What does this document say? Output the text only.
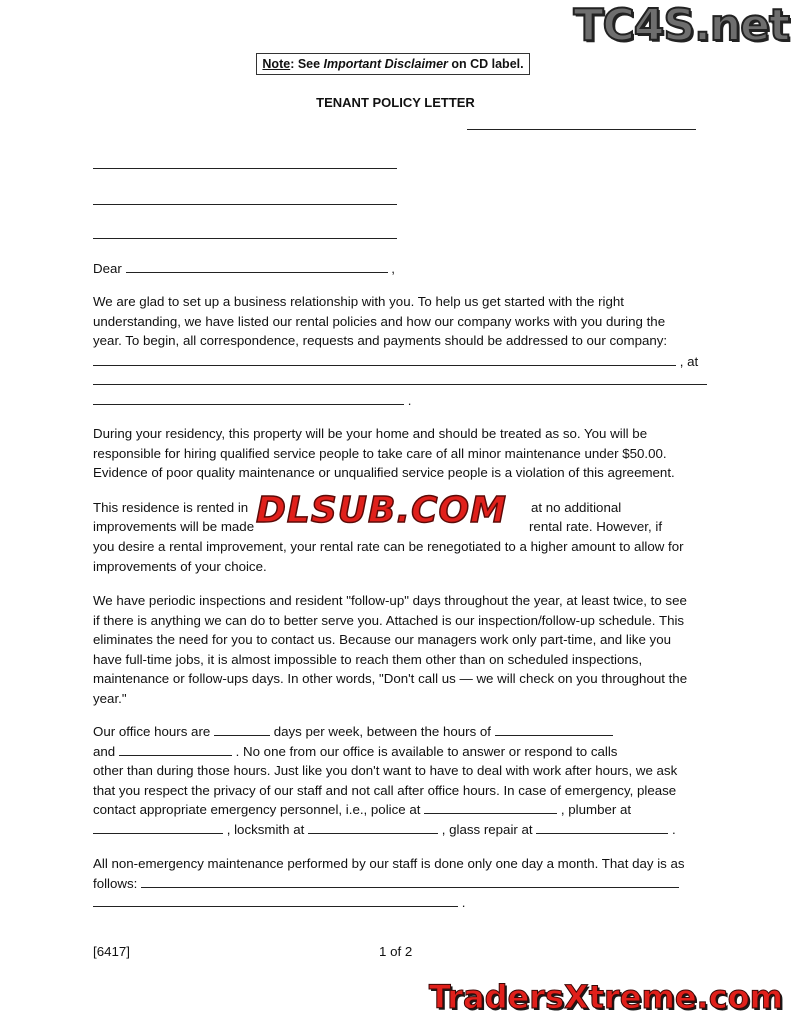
TC4S.net
Note: See Important Disclaimer on CD label.
TENANT POLICY LETTER
Dear	,
We are glad to set up a business relationship with you. To help us get started with the right understanding, we have listed our rental policies and how our company works with you during the year. To begin, all correspondence, requests and payments should be addressed to our company:
, at
.
During your residency, this property will be your home and should be treated as so. You will be responsible for hiring qualified service people to take care of all minor maintenance under $50.00. Evidence of poor quality maintenance or unqualified service people is a violation of this agreement.
This residence is rented in	at no additional
improvements will be made	rental rate. However, if
you desire a rental improvement, your rental rate can be renegotiated to a higher amount to allow for improvements of your choice.
DLSUB.COM
We have periodic inspections and resident "follow-up" days throughout the year, at least twice, to see if there is anything we can do to better serve you. Attached is our inspection/follow-up schedule. This eliminates the need for you to contact us. Because our managers work only part-time, and like you have full-time jobs, it is almost impossible to reach them other than on scheduled inspections, maintenance or follow-ups days. In other words, "Don't call us — we will check on you throughout the year."
Our office hours are	days per week, between the hours of
and	. No one from our office is available to answer or respond to calls
other than during those hours. Just like you don't want to have to deal with work after hours, we ask that you respect the privacy of our staff and not call after office hours. In case of emergency, please contact appropriate emergency personnel, i.e., police at	, plumber at  , locksmith at	, glass repair at	.
All non-emergency maintenance performed by our staff is done only one day a month. That day is as follows:   .
[6417]	1 of 2
TradersXtreme.com
